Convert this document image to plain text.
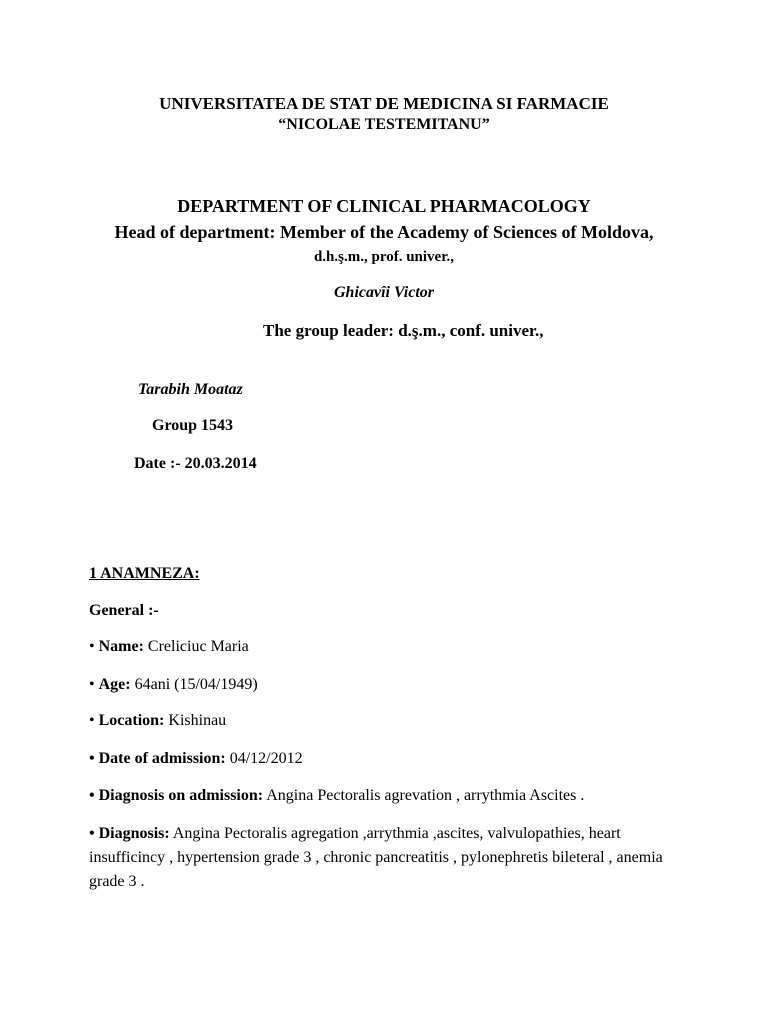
UNIVERSITATEA DE STAT DE MEDICINA SI FARMACIE
“NICOLAE TESTEMITANU”
DEPARTMENT OF CLINICAL PHARMACOLOGY
Head of department: Member of the Academy of Sciences of Moldova,
d.h.ş.m., prof. univer.,
Ghicavîi Victor
The group leader: d.ş.m., conf. univer.,
Tarabih Moataz
Group 1543
Date :- 20.03.2014
1 ANAMNEZA:
General :-
• Name: Creliciuc Maria
• Age: 64ani (15/04/1949)
• Location: Kishinau
• Date of admission: 04/12/2012
• Diagnosis on admission: Angina Pectoralis agrevation , arrythmia Ascites .
• Diagnosis: Angina Pectoralis agregation ,arrythmia ,ascites, valvulopathies, heart insufficincy , hypertension grade 3 , chronic pancreatitis , pylonephretis bileteral , anemia grade 3 .
